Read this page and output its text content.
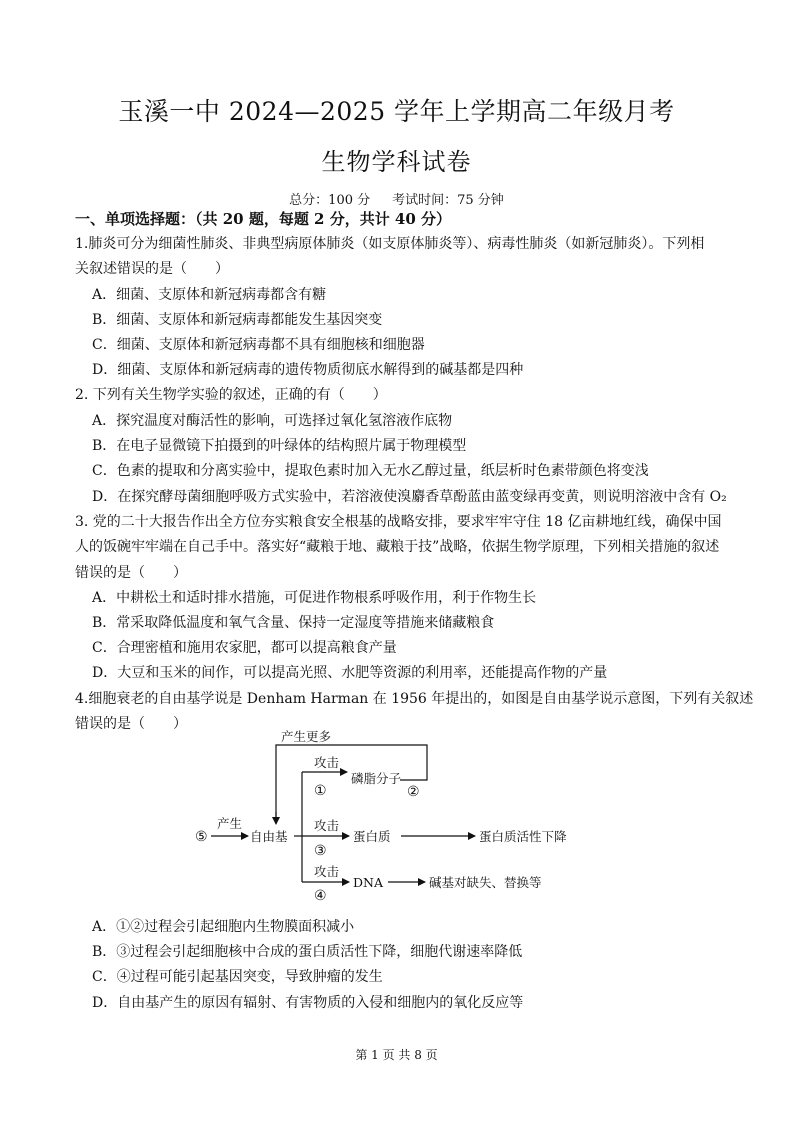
玉溪一中 2024—2025 学年上学期高二年级月考
生物学科试卷
总分：100 分 考试时间：75 分钟
一、单项选择题：（共 20 题，每题 2 分，共计 40 分）
1.肺炎可分为细菌性肺炎、非典型病原体肺炎（如支原体肺炎等）、病毒性肺炎（如新冠肺炎）。下列相
关叙述错误的是（　　）
A．细菌、支原体和新冠病毒都含有糖
B．细菌、支原体和新冠病毒都能发生基因突变
C．细菌、支原体和新冠病毒都不具有细胞核和细胞器
D．细菌、支原体和新冠病毒的遗传物质彻底水解得到的碱基都是四种
2. 下列有关生物学实验的叙述，正确的有（　　）
A．探究温度对酶活性的影响，可选择过氧化氢溶液作底物
B．在电子显微镜下拍摄到的叶绿体的结构照片属于物理模型
C．色素的提取和分离实验中，提取色素时加入无水乙醇过量，纸层析时色素带颜色将变浅
D．在探究酵母菌细胞呼吸方式实验中，若溶液使溴麝香草酚蓝由蓝变绿再变黄，则说明溶液中含有 O₂
3. 党的二十大报告作出全方位夯实粮食安全根基的战略安排，要求牢牢守住 18 亿亩耕地红线，确保中国
人的饭碗牢牢端在自己手中。落实好“藏粮于地、藏粮于技”战略，依据生物学原理，下列相关措施的叙述
错误的是（　　）
A．中耕松土和适时排水措施，可促进作物根系呼吸作用，利于作物生长
B．常采取降低温度和氧气含量、保持一定湿度等措施来储藏粮食
C．合理密植和施用农家肥，都可以提高粮食产量
D．大豆和玉米的间作，可以提高光照、水肥等资源的利用率，还能提高作物的产量
4.细胞衰老的自由基学说是 Denham Harman 在 1956 年提出的，如图是自由基学说示意图，下列有关叙述
错误的是（　　）
产生更多
产生
⑤	自由基
攻击
①
磷脂分子
②
攻击
③
蛋白质	蛋白质活性下降
攻击
④
DNA	碱基对缺失、替换等
A．①②过程会引起细胞内生物膜面积减小
B．③过程会引起细胞核中合成的蛋白质活性下降，细胞代谢速率降低
C．④过程可能引起基因突变，导致肿瘤的发生
D．自由基产生的原因有辐射、有害物质的入侵和细胞内的氧化反应等
第 1 页 共 8 页
